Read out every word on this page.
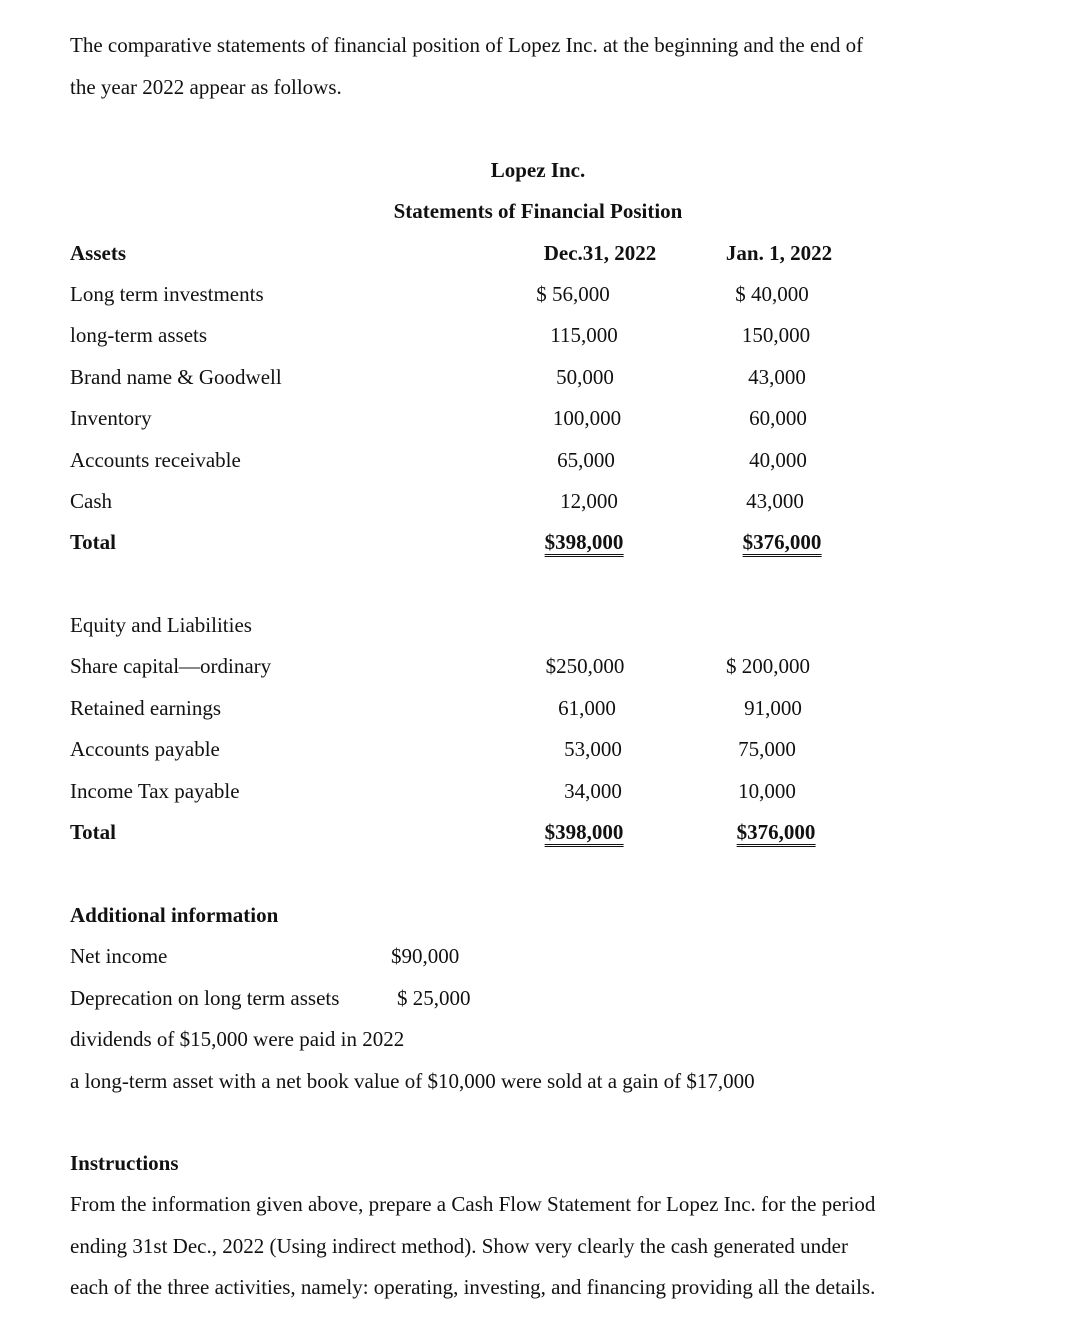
The comparative statements of financial position of Lopez Inc. at the beginning and the end of
the year 2022 appear as follows.
Lopez Inc.
Statements of Financial Position
Assets	Dec.31, 2022	Jan. 1, 2022
Long term investments	$ 56,000	$ 40,000
long-term assets	115,000	150,000
Brand name & Goodwell	50,000	43,000
Inventory	100,000	60,000
Accounts receivable	65,000	40,000
Cash	12,000	43,000
Total	$398,000	$376,000
Equity and Liabilities
Share capital—ordinary	$250,000	$ 200,000
Retained earnings	61,000	91,000
Accounts payable	53,000	75,000
Income Tax payable	34,000	10,000
Total	$398,000	$376,000
Additional information
Net income	$90,000
Deprecation on long term assets	$ 25,000
dividends of $15,000 were paid in 2022
a long-term asset with a net book value of $10,000 were sold at a gain of $17,000
Instructions
From the information given above, prepare a Cash Flow Statement for Lopez Inc. for the period
ending 31st Dec., 2022 (Using indirect method). Show very clearly the cash generated under
each of the three activities, namely: operating, investing, and financing providing all the details.
